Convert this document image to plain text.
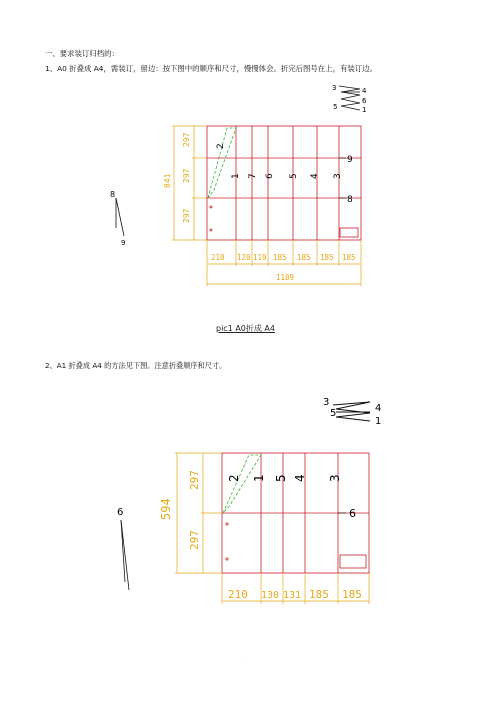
· · ·
一、要求装订归档的：
1、A0 折叠成 A4，需装订，留边：按下图中的顺序和尺寸，慢慢体会。折完后图号在上，有装订边。
3	4
6
5	1
2
1 7 6 5 4 3
9
8
8
9
297
297
841
297
210 120 119 185 185 185 185
1189
3
4
5
1
2 1 5 4 3
6
6
297
594
297
210 130 131 185 185
pic1 A0折成 A4
2、A1 折叠成 A4 的方法见下图。注意折叠顺序和尺寸。
· · · · ·
